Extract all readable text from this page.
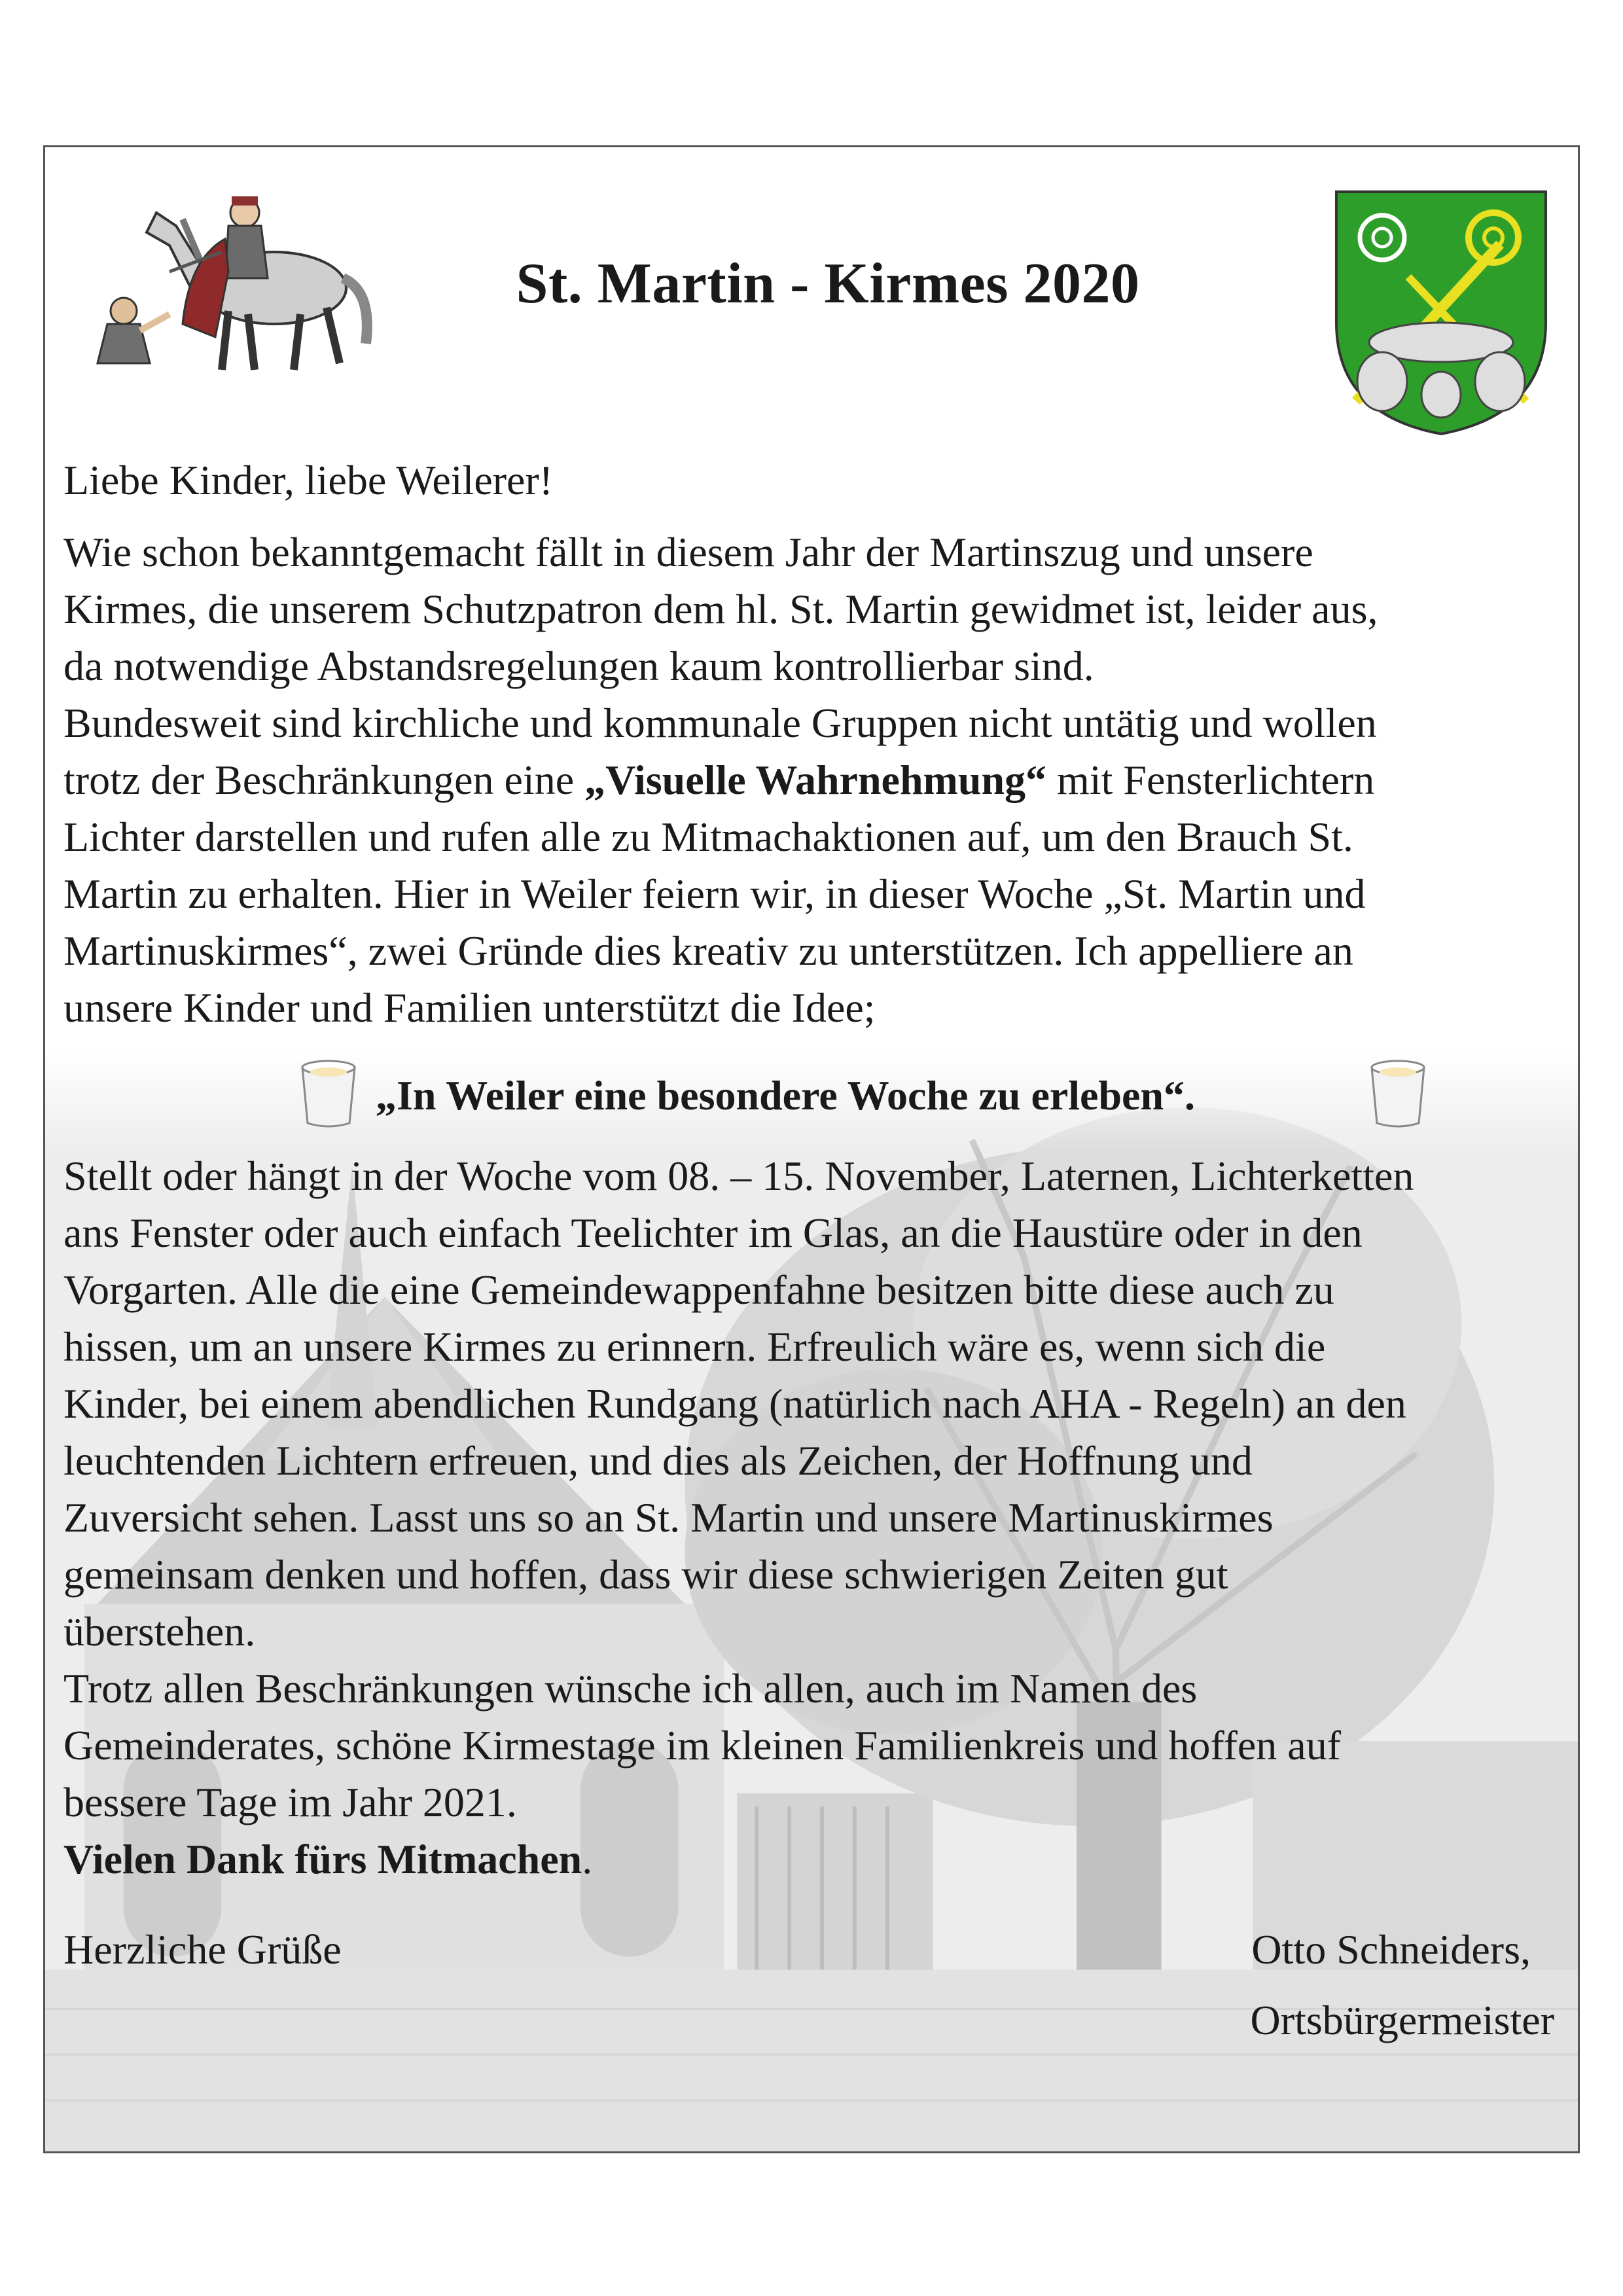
St. Martin - Kirmes 2020
Liebe Kinder, liebe Weilerer!

Wie schon bekanntgemacht fällt in diesem Jahr der Martinszug und unsere

Kirmes, die unserem Schutzpatron dem hl. St. Martin gewidmet ist, leider aus,

da notwendige Abstandsregelungen kaum kontrollierbar sind.

Bundesweit sind kirchliche und kommunale Gruppen nicht untätig und wollen

trotz der Beschränkungen eine „Visuelle Wahrnehmung“ mit Fensterlichtern

Lichter darstellen und rufen alle zu Mitmachaktionen auf, um den Brauch St.

Martin zu erhalten. Hier in Weiler feiern wir, in dieser Woche „St. Martin und

Martinuskirmes“, zwei Gründe dies kreativ zu unterstützen. Ich appelliere an

unsere Kinder und Familien unterstützt die Idee;

„In Weiler eine besondere Woche zu erleben“.

Stellt oder hängt in der Woche vom 08. – 15. November, Laternen, Lichterketten

ans Fenster oder auch einfach Teelichter im Glas, an die Haustüre oder in den

Vorgarten. Alle die eine Gemeindewappenfahne besitzen bitte diese auch zu

hissen, um an unsere Kirmes zu erinnern. Erfreulich wäre es, wenn sich die

Kinder, bei einem abendlichen Rundgang (natürlich nach AHA - Regeln) an den

leuchtenden Lichtern erfreuen, und dies als Zeichen, der Hoffnung und

Zuversicht sehen. Lasst uns so an St. Martin und unsere Martinuskirmes

gemeinsam denken und hoffen, dass wir diese schwierigen Zeiten gut

überstehen.

Trotz allen Beschränkungen wünsche ich allen, auch im Namen des

Gemeinderates, schöne Kirmestage im kleinen Familienkreis und hoffen auf

bessere Tage im Jahr 2021.

Vielen Dank fürs Mitmachen.

Herzliche Grüße	Otto Schneiders,
Ortsbürgermeister
